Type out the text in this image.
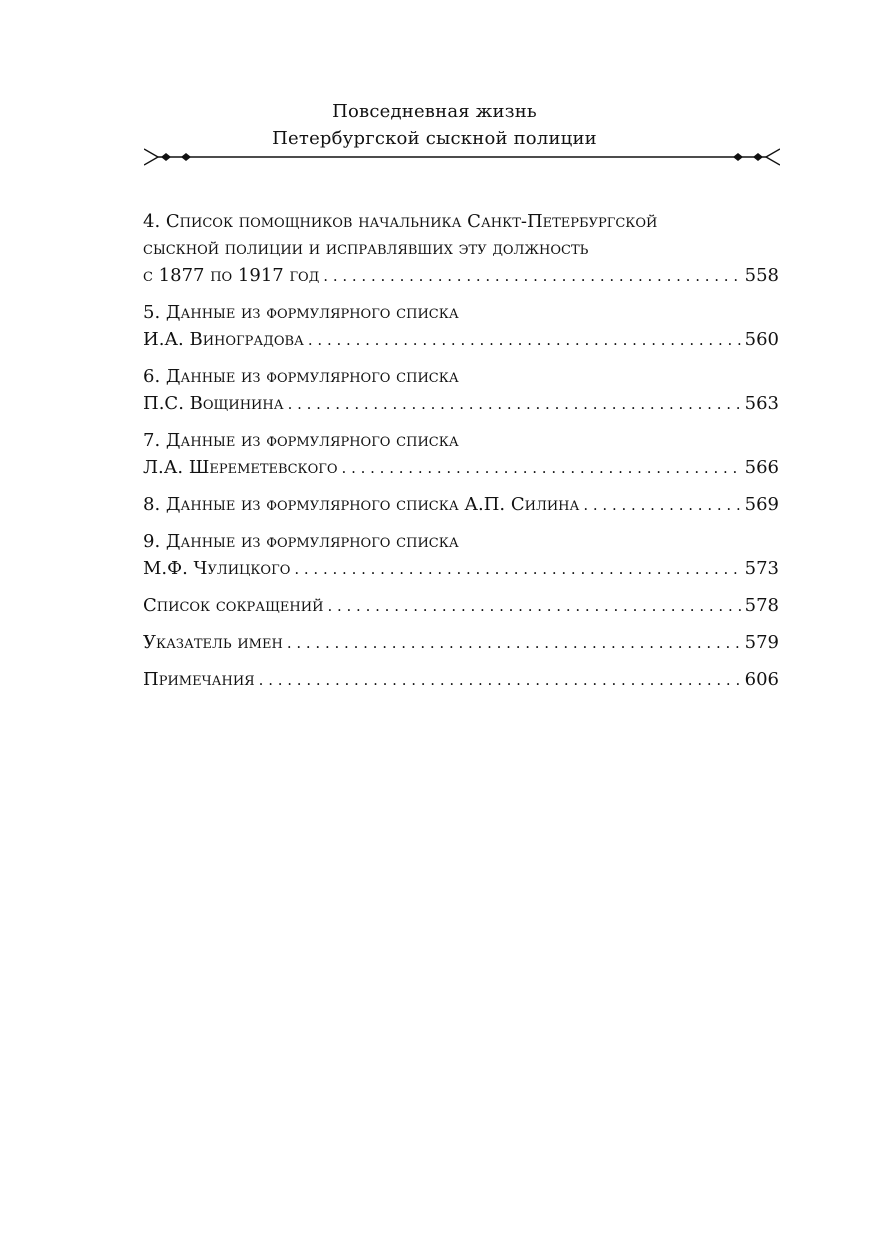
Повседневная жизнь
Петербургской сыскной полиции
4. Список помощников начальника Санкт-Петербургской
сыскной полиции и исправлявших эту должность
с 1877 по 1917 год . . .	558
5. Данные из формулярного списка
И.А. Виноградова . . .	560
6. Данные из формулярного списка
П.С. Вощинина . . .	563
7. Данные из формулярного списка
Л.А. Шереметевского . . .	566
8. Данные из формулярного списка А.П. Силина . . .	569
9. Данные из формулярного списка
М.Ф. Чулицкого . . .	573
Список сокращений . . .	578
Указатель имен . . .	579
Примечания . . .	606
